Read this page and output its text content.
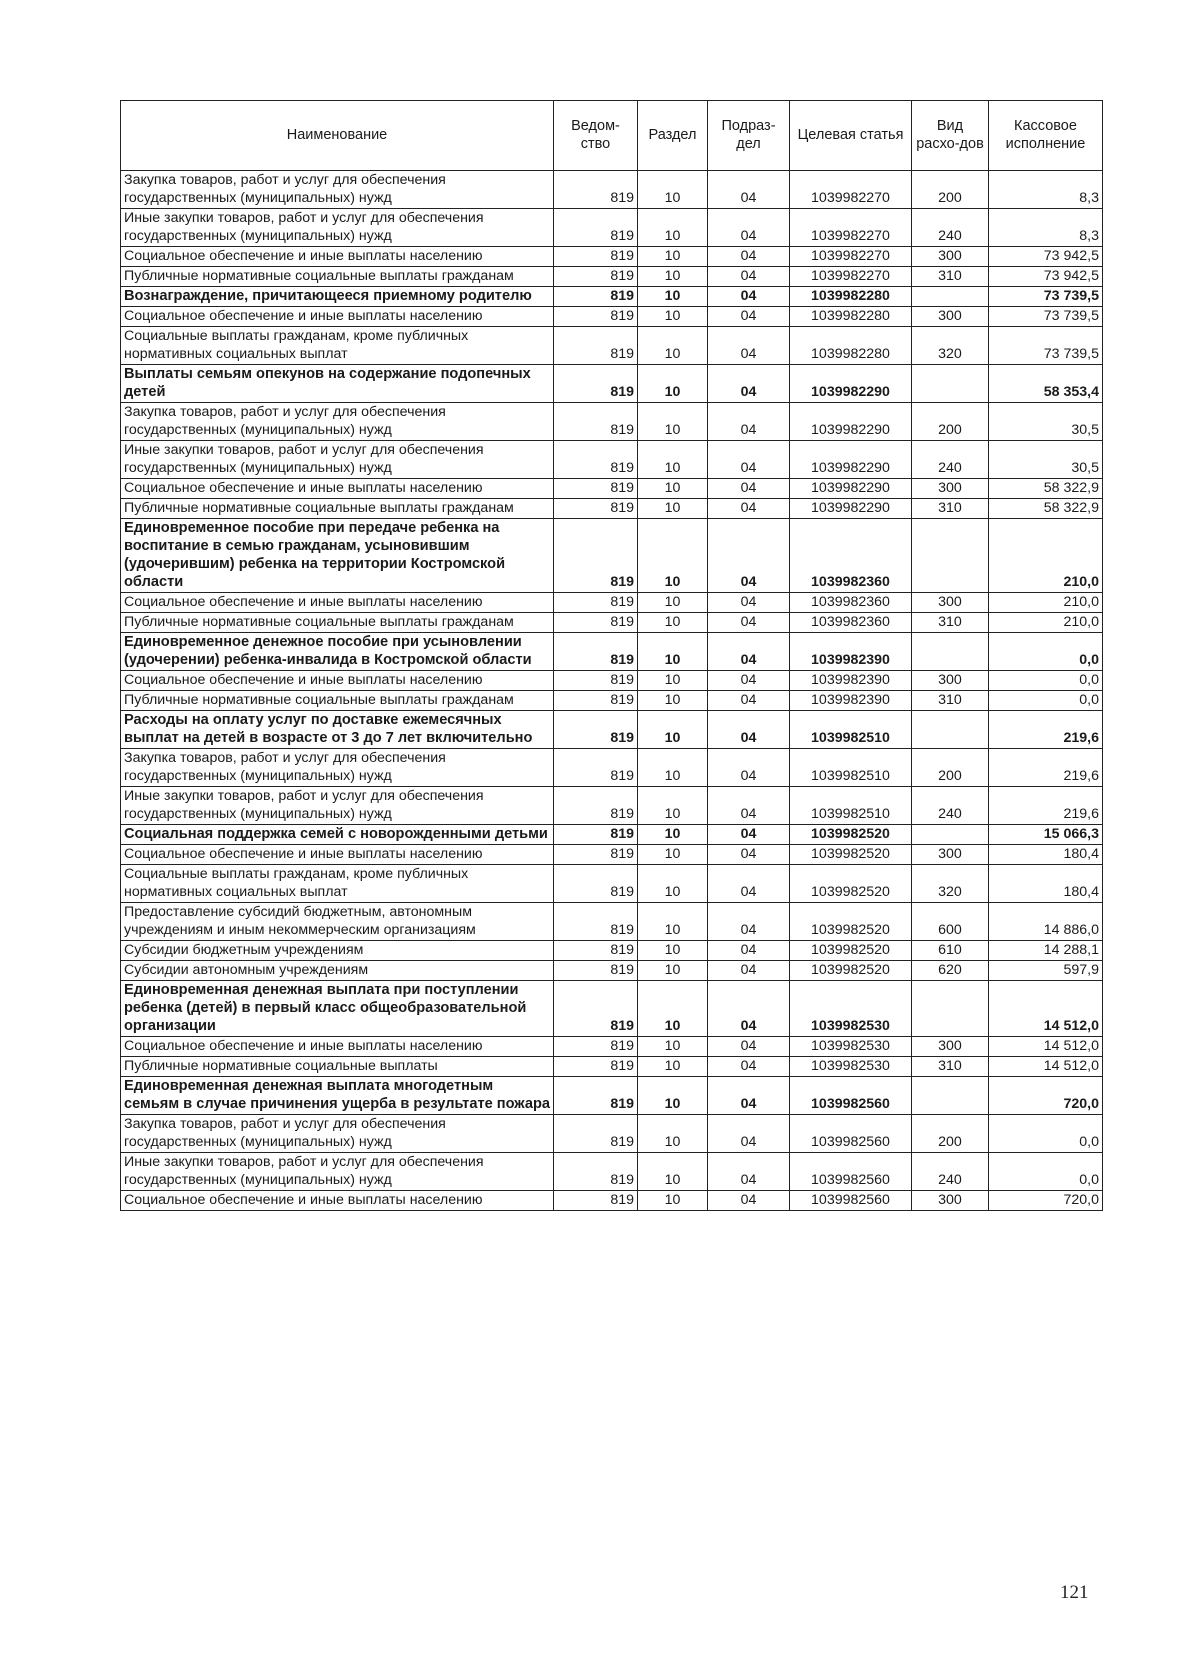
Наименование	Ведом-ство	Раздел	Подраз-дел	Целевая статья	Вид расхо-дов	Кассовое исполнение
Закупка товаров, работ и услуг для обеспечения государственных (муниципальных) нужд	819	10	04	1039982270	200	8,3
Иные закупки товаров, работ и услуг для обеспечения государственных (муниципальных) нужд	819	10	04	1039982270	240	8,3
Социальное обеспечение и иные выплаты населению	819	10	04	1039982270	300	73 942,5
Публичные нормативные социальные выплаты гражданам	819	10	04	1039982270	310	73 942,5
Вознаграждение, причитающееся приемному родителю	819	10	04	1039982280		73 739,5
Социальное обеспечение и иные выплаты населению	819	10	04	1039982280	300	73 739,5
Социальные выплаты гражданам, кроме публичных нормативных социальных выплат	819	10	04	1039982280	320	73 739,5
Выплаты семьям опекунов на содержание подопечных детей	819	10	04	1039982290		58 353,4
Закупка товаров, работ и услуг для обеспечения государственных (муниципальных) нужд	819	10	04	1039982290	200	30,5
Иные закупки товаров, работ и услуг для обеспечения государственных (муниципальных) нужд	819	10	04	1039982290	240	30,5
Социальное обеспечение и иные выплаты населению	819	10	04	1039982290	300	58 322,9
Публичные нормативные социальные выплаты гражданам	819	10	04	1039982290	310	58 322,9
Единовременное пособие при передаче ребенка на воспитание в семью гражданам, усыновившим (удочерившим) ребенка на территории Костромской области	819	10	04	1039982360		210,0
Социальное обеспечение и иные выплаты населению	819	10	04	1039982360	300	210,0
Публичные нормативные социальные выплаты гражданам	819	10	04	1039982360	310	210,0
Единовременное денежное пособие при усыновлении (удочерении) ребенка-инвалида в Костромской области	819	10	04	1039982390		0,0
Социальное обеспечение и иные выплаты населению	819	10	04	1039982390	300	0,0
Публичные нормативные социальные выплаты гражданам	819	10	04	1039982390	310	0,0
Расходы на оплату услуг по доставке ежемесячных выплат на детей в возрасте от 3 до 7 лет включительно	819	10	04	1039982510		219,6
Закупка товаров, работ и услуг для обеспечения государственных (муниципальных) нужд	819	10	04	1039982510	200	219,6
Иные закупки товаров, работ и услуг для обеспечения государственных (муниципальных) нужд	819	10	04	1039982510	240	219,6
Социальная поддержка семей с новорожденными детьми	819	10	04	1039982520		15 066,3
Социальное обеспечение и иные выплаты населению	819	10	04	1039982520	300	180,4
Социальные выплаты гражданам, кроме публичных нормативных социальных выплат	819	10	04	1039982520	320	180,4
Предоставление субсидий бюджетным, автономным учреждениям и иным некоммерческим организациям	819	10	04	1039982520	600	14 886,0
Субсидии бюджетным учреждениям	819	10	04	1039982520	610	14 288,1
Субсидии автономным учреждениям	819	10	04	1039982520	620	597,9
Единовременная денежная выплата при поступлении ребенка (детей) в первый класс общеобразовательной организации	819	10	04	1039982530		14 512,0
Социальное обеспечение и иные выплаты населению	819	10	04	1039982530	300	14 512,0
Публичные нормативные социальные выплаты	819	10	04	1039982530	310	14 512,0
Единовременная денежная выплата многодетным семьям в случае причинения ущерба в результате пожара	819	10	04	1039982560		720,0
Закупка товаров, работ и услуг для обеспечения государственных (муниципальных) нужд	819	10	04	1039982560	200	0,0
Иные закупки товаров, работ и услуг для обеспечения государственных (муниципальных) нужд	819	10	04	1039982560	240	0,0
Социальное обеспечение и иные выплаты населению	819	10	04	1039982560	300	720,0
121
